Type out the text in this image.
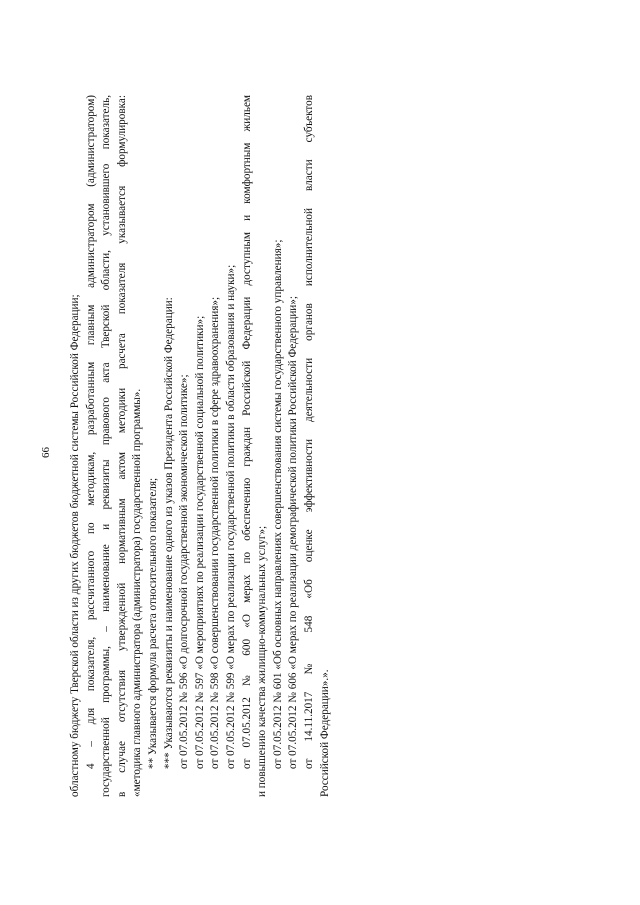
66 областному бюджету Тверской области из других бюджетов бюджетной системы Российской Федерации; 4 – для показателя, рассчитанного по методикам, разработанным главным администратором (администратором) государственной программы, – наименование и реквизиты правового акта Тверской области, установившего показатель, в случае отсутствия утвержденной нормативным актом методики расчета показателя указывается формулировка: «методика главного администратора (администратора) государственной программы». ** Указывается формула расчета относительного показателя; *** Указываются реквизиты и наименование одного из указов Президента Российской Федерации: от 07.05.2012 № 596 «О долгосрочной государственной экономической политике»; от 07.05.2012 № 597 «О мероприятиях по реализации государственной социальной политики»; от 07.05.2012 № 598 «О совершенствовании государственной политики в сфере здравоохранения»; от 07.05.2012 № 599 «О мерах по реализации государственной политики в области образования и науки»; от 07.05.2012 № 600 «О мерах по обеспечению граждан Российской Федерации доступным и комфортным жильем и повышению качества жилищно-коммунальных услуг»; от 07.05.2012 № 601 «Об основных направлениях совершенствования системы государственного управления»; от 07.05.2012 № 606 «О мерах по реализации демографической политики Российской Федерации»; от 14.11.2017 № 548 «Об оценке эффективности деятельности органов исполнительной власти субъектов Российской Федерации».».
